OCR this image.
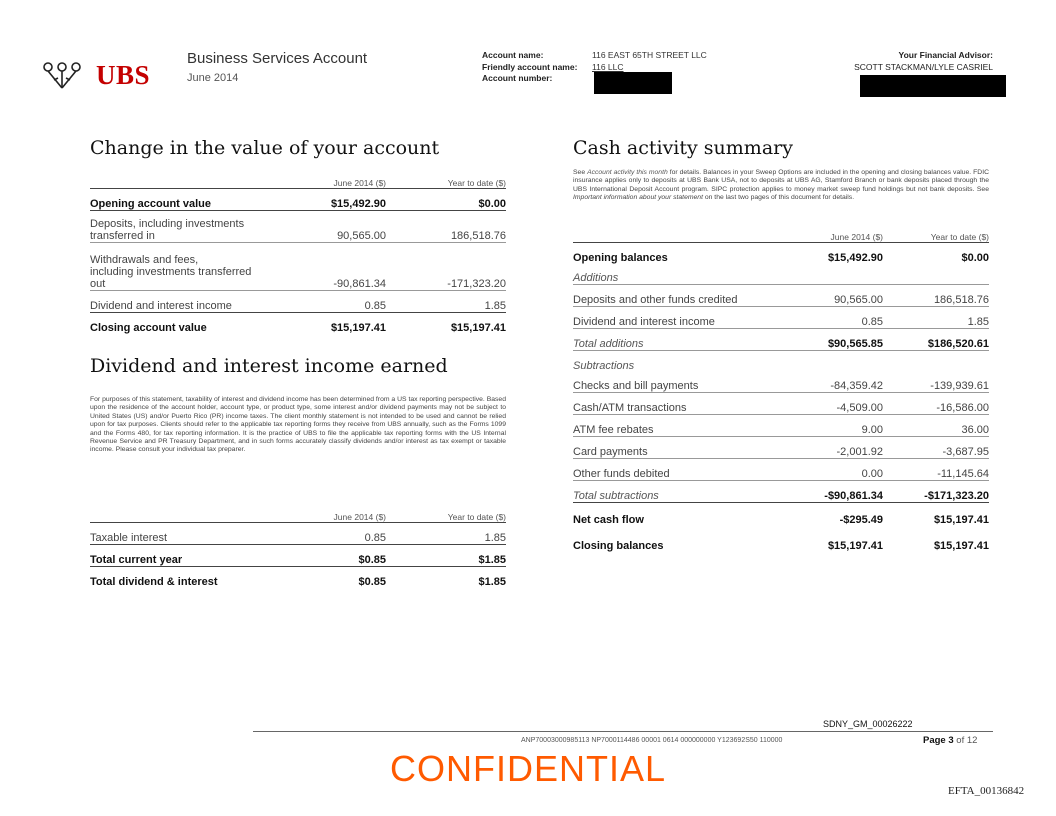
UBS
Business Services Account
June 2014
Account name:	116 EAST 65TH STREET LLC
Friendly account name: 116 LLC
Account number:
Your Financial Advisor:
SCOTT STACKMAN/LYLE CASRIEL
Change in the value of your account
	June 2014 ($)	Year to date ($)
Opening account value	$15,492.90	$0.00

Deposits, including investments
transferred in	90,565.00	186,518.76

Withdrawals and fees,
including investments transferred
out	-90,861.34	-171,323.20
Dividend and interest income	0.85	1.85
Closing account value	$15,197.41	$15,197.41
Dividend and interest income earned
For purposes of this statement, taxability of interest and dividend income has been determined from a US tax reporting perspective. Based upon the residence of the account holder, account type, or product type, some interest and/or dividend payments may not be subject to United States (US) and/or Puerto Rico (PR) income taxes. The client monthly statement is not intended to be used and cannot be relied upon for tax purposes. Clients should refer to the applicable tax reporting forms they receive from UBS annually, such as the Forms 1099 and the Forms 480, for tax reporting information. It is the practice of UBS to file the applicable tax reporting forms with the US Internal Revenue Service and PR Treasury Department, and in such forms accurately classify dividends and/or interest as tax exempt or taxable income. Please consult your individual tax preparer.
	June 2014 ($)	Year to date ($)
Taxable interest	0.85	1.85
Total current year	$0.85	$1.85
Total dividend & interest	$0.85	$1.85
Cash activity summary
See Account activity this month for details. Balances in your Sweep Options are included in the opening and closing balances value. FDIC insurance applies only to deposits at UBS Bank USA, not to deposits at UBS AG, Stamford Branch or bank deposits placed through the UBS International Deposit Account program. SIPC protection applies to money market sweep fund holdings but not bank deposits. See Important information about your statement on the last two pages of this document for details.
	June 2014 ($)	Year to date ($)
Opening balances	$15,492.90	$0.00
Additions		
Deposits and other funds credited	90,565.00	186,518.76
Dividend and interest income	0.85	1.85
Total additions	$90,565.85	$186,520.61
Subtractions		
Checks and bill payments	-84,359.42	-139,939.61
Cash/ATM transactions	-4,509.00	-16,586.00
ATM fee rebates	9.00	36.00
Card payments	-2,001.92	-3,687.95
Other funds debited	0.00	-11,145.64
Total subtractions	-$90,861.34	-$171,323.20
Net cash flow	-$295.49	$15,197.41
Closing balances	$15,197.41	$15,197.41
SDNY_GM_00026222
ANP70003000985113 NP7000114486 00001 0614 000000000 Y123692S50 110000	Page 3 of 12
CONFIDENTIAL
EFTA_00136842
